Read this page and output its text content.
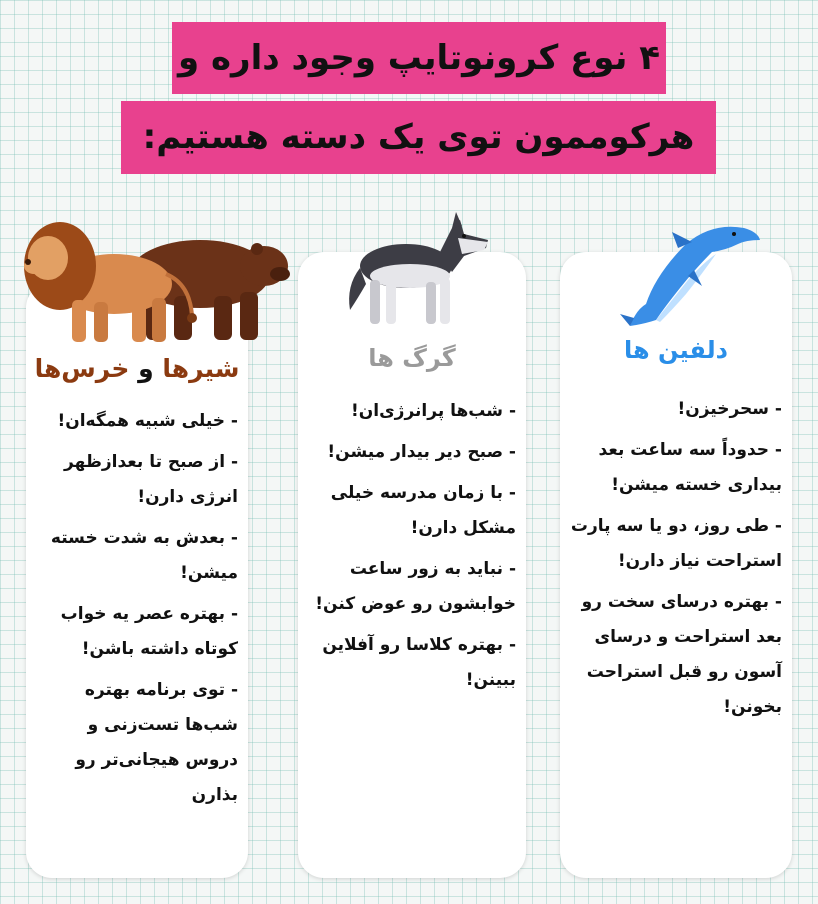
۴ نوع کرونوتایپ وجود داره و
هرکوممون توی یک دسته هستیم:
شیرها و خرس‌ها
- خیلی شبیه همگه‌ان!
- از صبح تا بعدازظهر انرژی دارن!
- بعدش به شدت خسته میشن!
- بهتره عصر یه خواب کوتاه داشته باشن!
- توی برنامه بهتره شب‌ها تست‌زنی و دروس هیجانی‌تر رو بذارن
گرگ ها
- شب‌ها پرانرژی‌ان!
- صبح دیر بیدار میشن!
- با زمان مدرسه خیلی مشکل دارن!
- نباید به زور ساعت خوابشون رو عوض کنن!
- بهتره کلاسا رو آفلاین ببینن!
دلفین ها
- سحرخیزن!
- حدوداً سه ساعت بعد بیداری خسته میشن!
- طی روز، دو یا سه پارت استراحت نیاز دارن!
- بهتره درسای سخت رو بعد استراحت و درسای آسون رو قبل استراحت بخونن!
